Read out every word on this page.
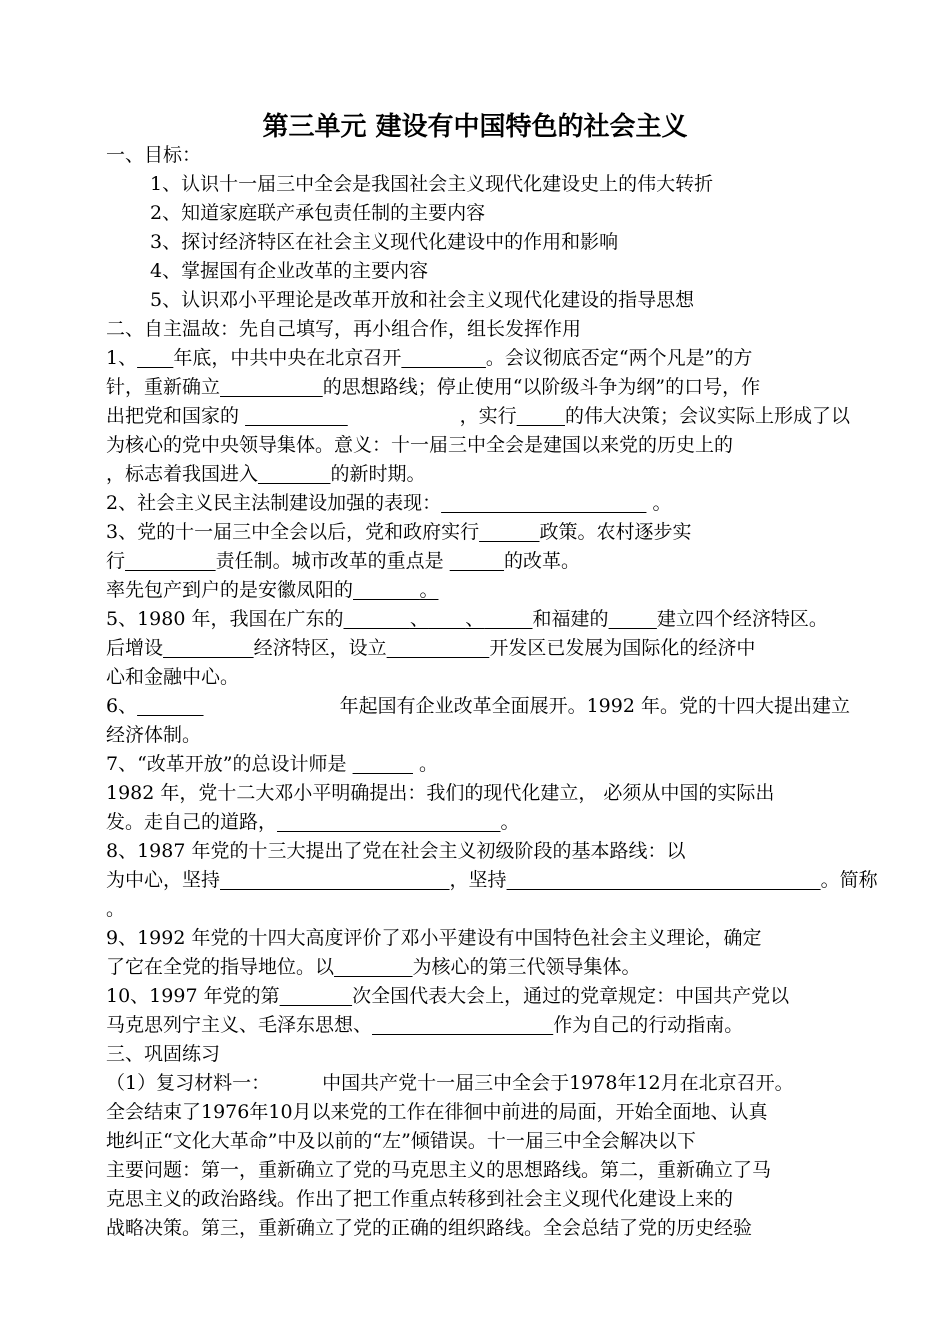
第三单元 建设有中国特色的社会主义
一、目标：
1、认识十一届三中全会是我国社会主义现代化建设史上的伟大转折
2、知道家庭联产承包责任制的主要内容
3、探讨经济特区在社会主义现代化建设中的作用和影响
4、掌握国有企业改革的主要内容
5、认识邓小平理论是改革开放和社会主义现代化建设的指导思想
二、自主温故：先自己填写，再小组合作，组长发挥作用
1、 年底，中共中央在北京召开	。会议彻底否定“两个凡是”的方
针，重新确立	的思想路线；停止使用“以阶级斗争为纲”的口号，作
出把党和国家的	，实行	的伟大决策；会议实际上形成了以
为核心的党中央领导集体。意义：十一届三中全会是建国以来党的历史上的
，标志着我国进入	的新时期。
2、社会主义民主法制建设加强的表现：	。
3、党的十一届三中全会以后，党和政府实行	政策。农村逐步实
行	责任制。城市改革的重点是	的改革。
率先包产到户的是安徽凤阳的	。
5、1980 年，我国在广东的	、 、	和福建的	建立四个经济特区。
后增设	经济特区，设立	开发区已发展为国际化的经济中
心和金融中心。
6、	年起国有企业改革全面展开。1992 年。党的十四大提出建立
经济体制。
7、“改革开放”的总设计师是	。
1982 年，党十二大邓小平明确提出：我们的现代化建立， 必须从中国的实际出
发。走自己的道路，	。
8、1987 年党的十三大提出了党在社会主义初级阶段的基本路线：以
为中心，坚持	，坚持	。简称
。
9、1992 年党的十四大高度评价了邓小平建设有中国特色社会主义理论，确定
了它在全党的指导地位。以	为核心的第三代领导集体。
10、1997 年党的第	次全国代表大会上，通过的党章规定：中国共产党以
马克思列宁主义、毛泽东思想、	作为自己的行动指南。
三、巩固练习
（1）复习材料一：	中国共产党十一届三中全会于1978年12月在北京召开。
全会结束了1976年10月以来党的工作在徘徊中前进的局面，开始全面地、认真
地纠正“文化大革命”中及以前的“左”倾错误。十一届三中全会解决以下
主要问题：第一，重新确立了党的马克思主义的思想路线。第二，重新确立了马
克思主义的政治路线。作出了把工作重点转移到社会主义现代化建设上来的
战略决策。第三，重新确立了党的正确的组织路线。全会总结了党的历史经验
